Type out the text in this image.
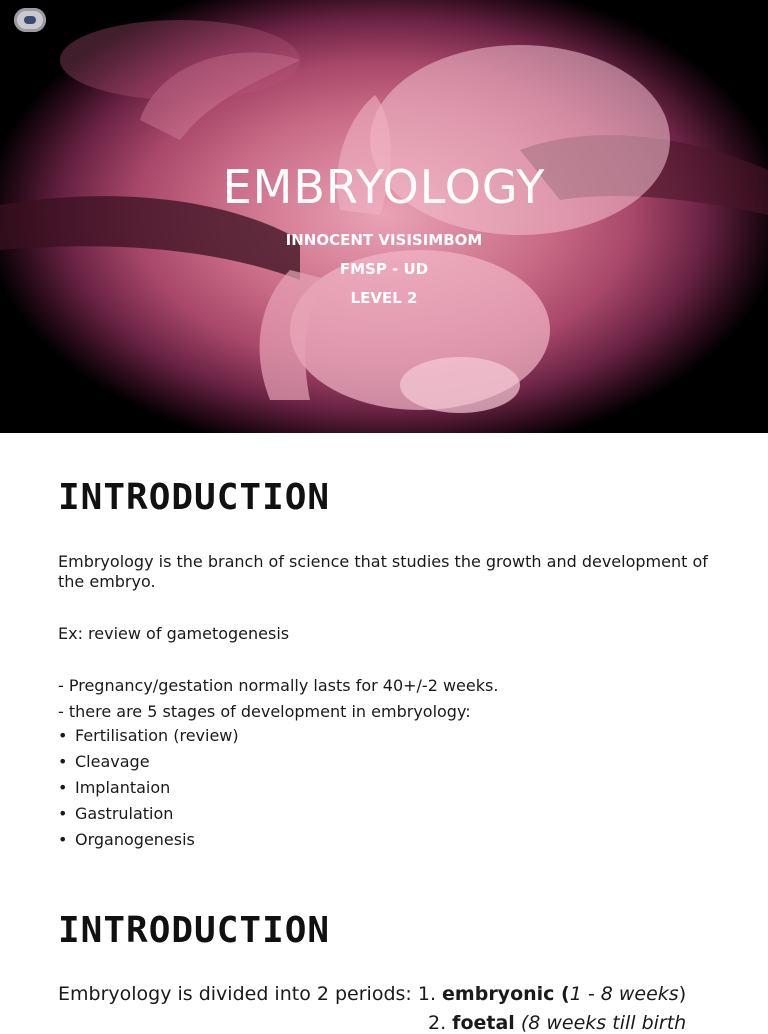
EMBRYOLOGY
INNOCENT VISISIMBOM
FMSP - UD
LEVEL 2
INTRODUCTION
Embryology is the branch of science that studies the growth and development of the embryo.
Ex: review of gametogenesis
- Pregnancy/gestation normally lasts for 40+/-2 weeks.
- there are 5 stages of development in embryology:
• Fertilisation (review)
• Cleavage
• Implantaion
• Gastrulation
• Organogenesis
INTRODUCTION
Embryology is divided into 2 periods: 1. embryonic (1 - 8 weeks)
2. foetal (8 weeks till birth
